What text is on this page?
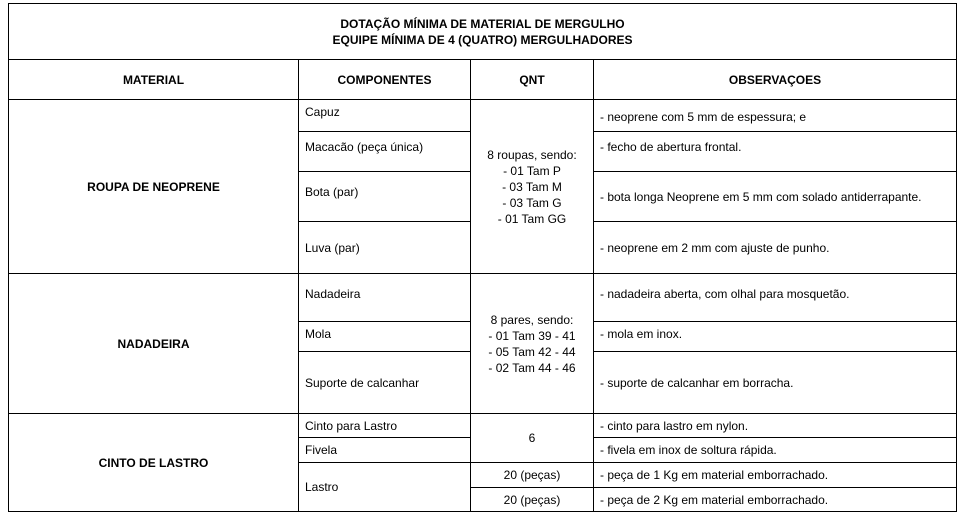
DOTAÇÃO MÍNIMA DE MATERIAL DE MERGULHO
EQUIPE MÍNIMA DE 4 (QUATRO) MERGULHADORES			

MATERIAL	COMPONENTES	QNT	OBSERVAÇOES
ROUPA DE NEOPRENE	Capuz	8 roupas, sendo:
- 01 Tam P
- 03 Tam M
- 03 Tam G
- 01 Tam GG	- neoprene com 5 mm de espessura; e
	Macacão (peça única)		- fecho de abertura frontal.
	Bota (par)		- bota longa Neoprene em 5 mm com solado antiderrapante.
	Luva (par)		- neoprene em 2 mm com ajuste de punho.
NADADEIRA	Nadadeira	8 pares, sendo:
- 01 Tam 39 - 41
- 05 Tam 42 - 44
- 02 Tam 44 - 46	- nadadeira aberta, com olhal para mosquetão.
	Mola		- mola em inox.
	Suporte de calcanhar		- suporte de calcanhar em borracha.
CINTO DE LASTRO	Cinto para Lastro	6	- cinto para lastro em nylon.
	Fivela		- fivela em inox de soltura rápida.
	Lastro	20 (peças)	- peça de 1 Kg em material emborrachado.
		20 (peças)	- peça de 2 Kg em material emborrachado.
